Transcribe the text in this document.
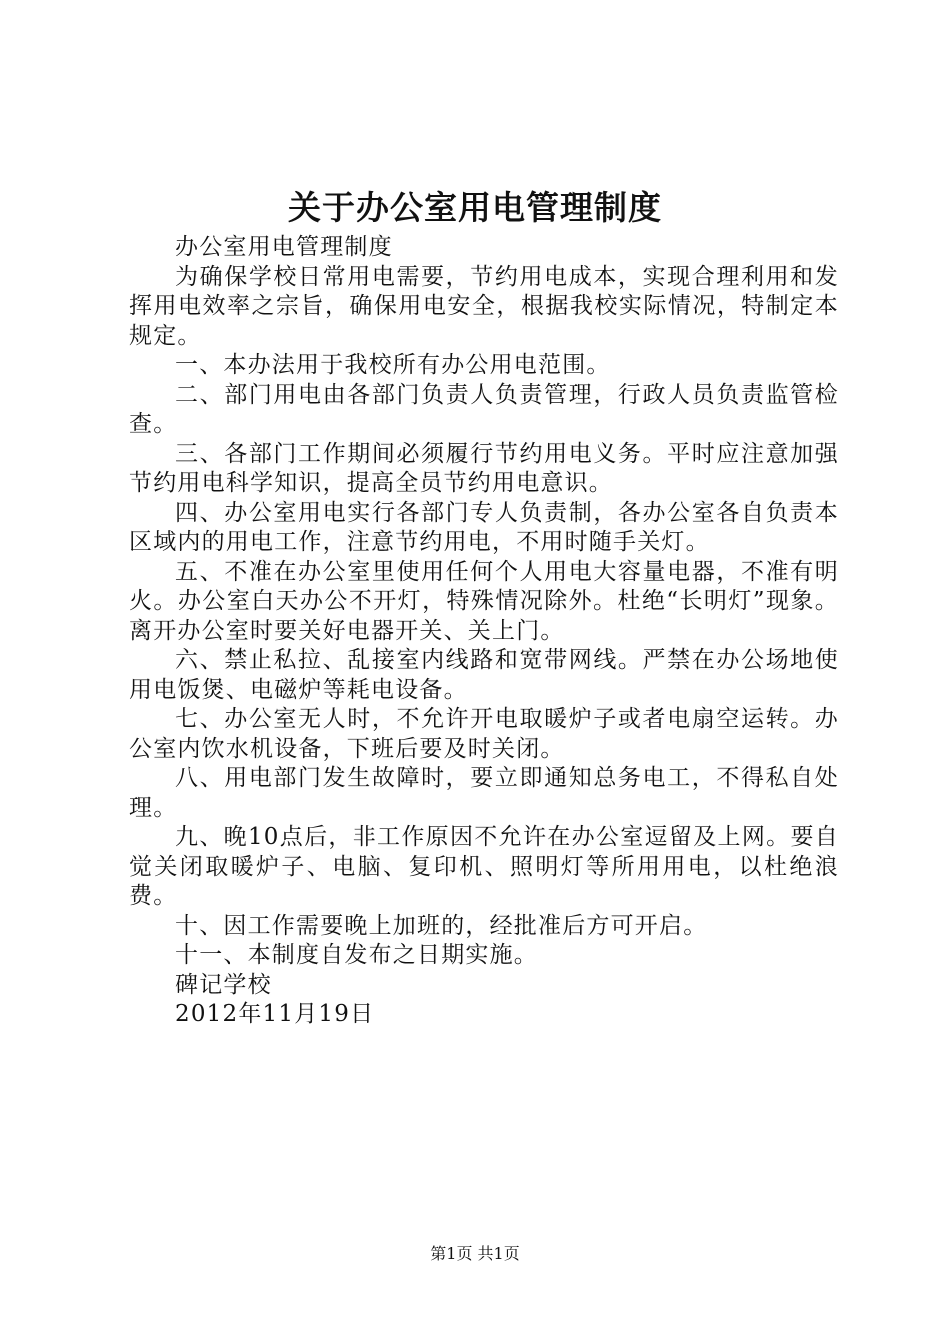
关于办公室用电管理制度

办公室用电管理制度

为确保学校日常用电需要，节约用电成本，实现合理利用和发挥用电效率之宗旨，确保用电安全，根据我校实际情况，特制定本规定。

一、本办法用于我校所有办公用电范围。

二、部门用电由各部门负责人负责管理，行政人员负责监管检查。

三、各部门工作期间必须履行节约用电义务。平时应注意加强节约用电科学知识，提高全员节约用电意识。

四、办公室用电实行各部门专人负责制，各办公室各自负责本区域内的用电工作，注意节约用电，不用时随手关灯。

五、不准在办公室里使用任何个人用电大容量电器，不准有明火。办公室白天办公不开灯，特殊情况除外。杜绝“长明灯”现象。离开办公室时要关好电器开关、关上门。

六、禁止私拉、乱接室内线路和宽带网线。严禁在办公场地使用电饭煲、电磁炉等耗电设备。

七、办公室无人时，不允许开电取暖炉子或者电扇空运转。办公室内饮水机设备，下班后要及时关闭。

八、用电部门发生故障时，要立即通知总务电工，不得私自处理。

九、晚10点后，非工作原因不允许在办公室逗留及上网。要自觉关闭取暖炉子、电脑、复印机、照明灯等所用用电，以杜绝浪费。

十、因工作需要晚上加班的，经批准后方可开启。

十一、本制度自发布之日期实施。

碑记学校

2012年11月19日

第1页 共1页
